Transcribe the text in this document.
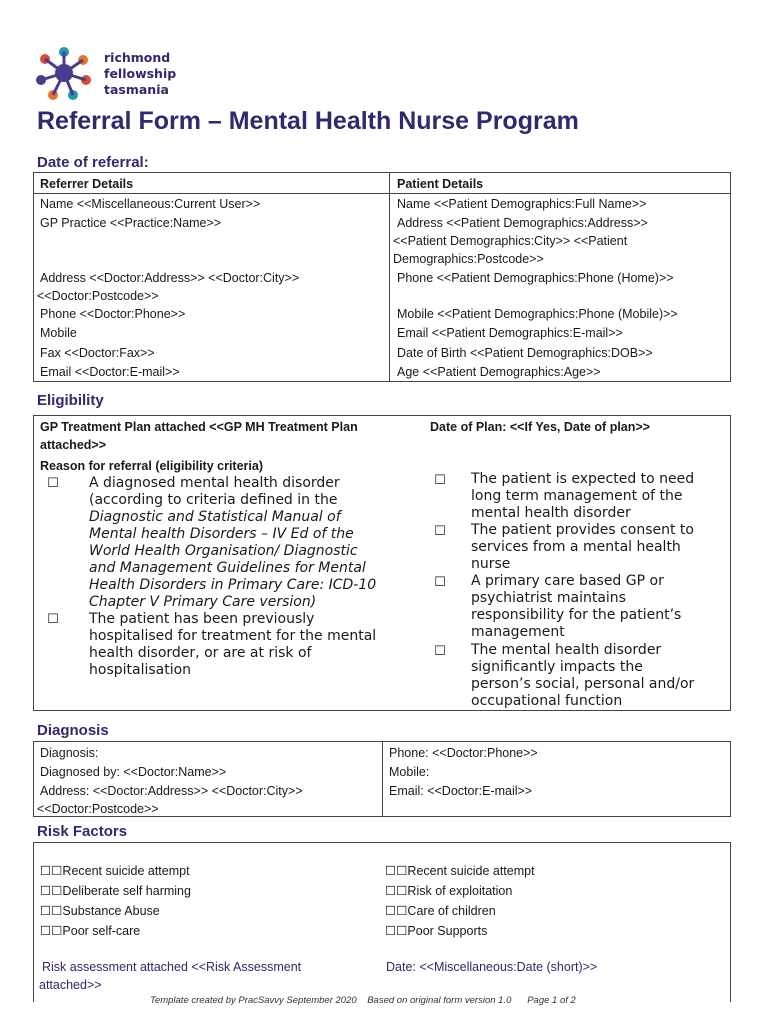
richmond
fellowship
tasmania
Referral Form – Mental Health Nurse Program
Date of referral:
Referrer Details	Patient Details
Name <<Miscellaneous:Current User>>
GP Practice <<Practice:Name>>
Address <<Doctor:Address>> <<Doctor:City>>
<<Doctor:Postcode>>
Phone <<Doctor:Phone>>
Mobile
Fax <<Doctor:Fax>>
Email <<Doctor:E-mail>>
Name <<Patient Demographics:Full Name>>
Address <<Patient Demographics:Address>>
<<Patient Demographics:City>> <<Patient
Demographics:Postcode>>
Phone <<Patient Demographics:Phone (Home)>>
Mobile <<Patient Demographics:Phone (Mobile)>>
Email <<Patient Demographics:E-mail>>
Date of Birth <<Patient Demographics:DOB>>
Age <<Patient Demographics:Age>>
Eligibility
GP Treatment Plan attached <<GP MH Treatment Plan
attached>>
Date of Plan: <<If Yes, Date of plan>>
Reason for referral (eligibility criteria)
☐ A diagnosed mental health disorder
(according to criteria defined in the
Diagnostic and Statistical Manual of
Mental health Disorders – IV Ed of the
World Health Organisation/ Diagnostic
and Management Guidelines for Mental
Health Disorders in Primary Care: ICD-10
Chapter V Primary Care version)
☐ The patient has been previously
hospitalised for treatment for the mental
health disorder, or are at risk of
hospitalisation
☐ The patient is expected to need
long term management of the
mental health disorder
☐ The patient provides consent to
services from a mental health
nurse
☐ A primary care based GP or
psychiatrist maintains
responsibility for the patient’s
management
☐ The mental health disorder
significantly impacts the
person’s social, personal and/or
occupational function
Diagnosis
Diagnosis:
Diagnosed by: <<Doctor:Name>>
Address: <<Doctor:Address>> <<Doctor:City>>
<<Doctor:Postcode>>
Phone: <<Doctor:Phone>>
Mobile:
Email: <<Doctor:E-mail>>
Risk Factors
☐☐Recent suicide attempt
☐☐Deliberate self harming
☐☐Substance Abuse
☐☐Poor self-care
☐☐Recent suicide attempt
☐☐Risk of exploitation
☐☐Care of children
☐☐Poor Supports
Risk assessment attached <<Risk Assessment
attached>>
Date: <<Miscellaneous:Date (short)>>
Template created by PracSavvy September 2020    Based on original form version 1.0      Page 1 of 2
